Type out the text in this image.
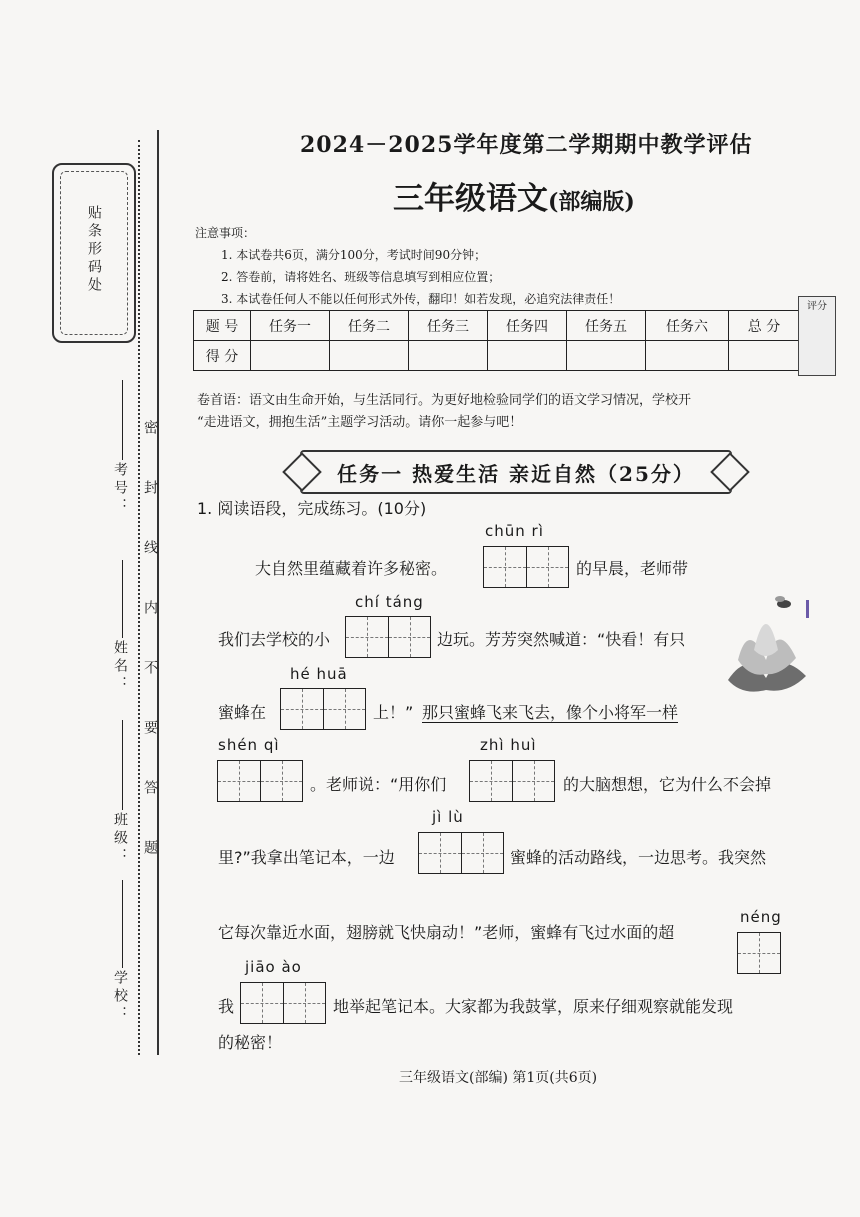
贴条形码处
密封线内不要答题
考号：
姓名：
班级：
学校：
2024－2025学年度第二学期期中教学评估
三年级语文(部编版)
注意事项：
1. 本试卷共6页，满分100分，考试时间90分钟；
2. 答卷前，请将姓名、班级等信息填写到相应位置；
3. 本试卷任何人不能以任何形式外传，翻印！如若发现，必追究法律责任！
题 号	任务一	任务二	任务三	任务四	任务五	任务六	总 分
得 分							
评分
卷首语：语文由生命开始，与生活同行。为更好地检验同学们的语文学习情况，学校开
“走进语文，拥抱生活”主题学习活动。请你一起参与吧！
任务一 热爱生活 亲近自然（25分）
1. 阅读语段，完成练习。(10分)
chūn rì
大自然里蕴藏着许多秘密。	的早晨，老师带
chí táng
我们去学校的小	边玩。芳芳突然喊道：“快看！有只
hé huā
蜜蜂在	上！” 那只蜜蜂飞来飞去，像个小将军一样
shén qì	zhì huì
。老师说：“用你们	的大脑想想，它为什么不会掉
jì lù
里?”我拿出笔记本，一边	蜜蜂的活动路线，一边思考。我突然
néng
它每次靠近水面，翅膀就飞快扇动！”老师，蜜蜂有飞过水面的超
jiāo ào
我	地举起笔记本。大家都为我鼓掌，原来仔细观察就能发现
的秘密！
三年级语文(部编) 第1页(共6页)
